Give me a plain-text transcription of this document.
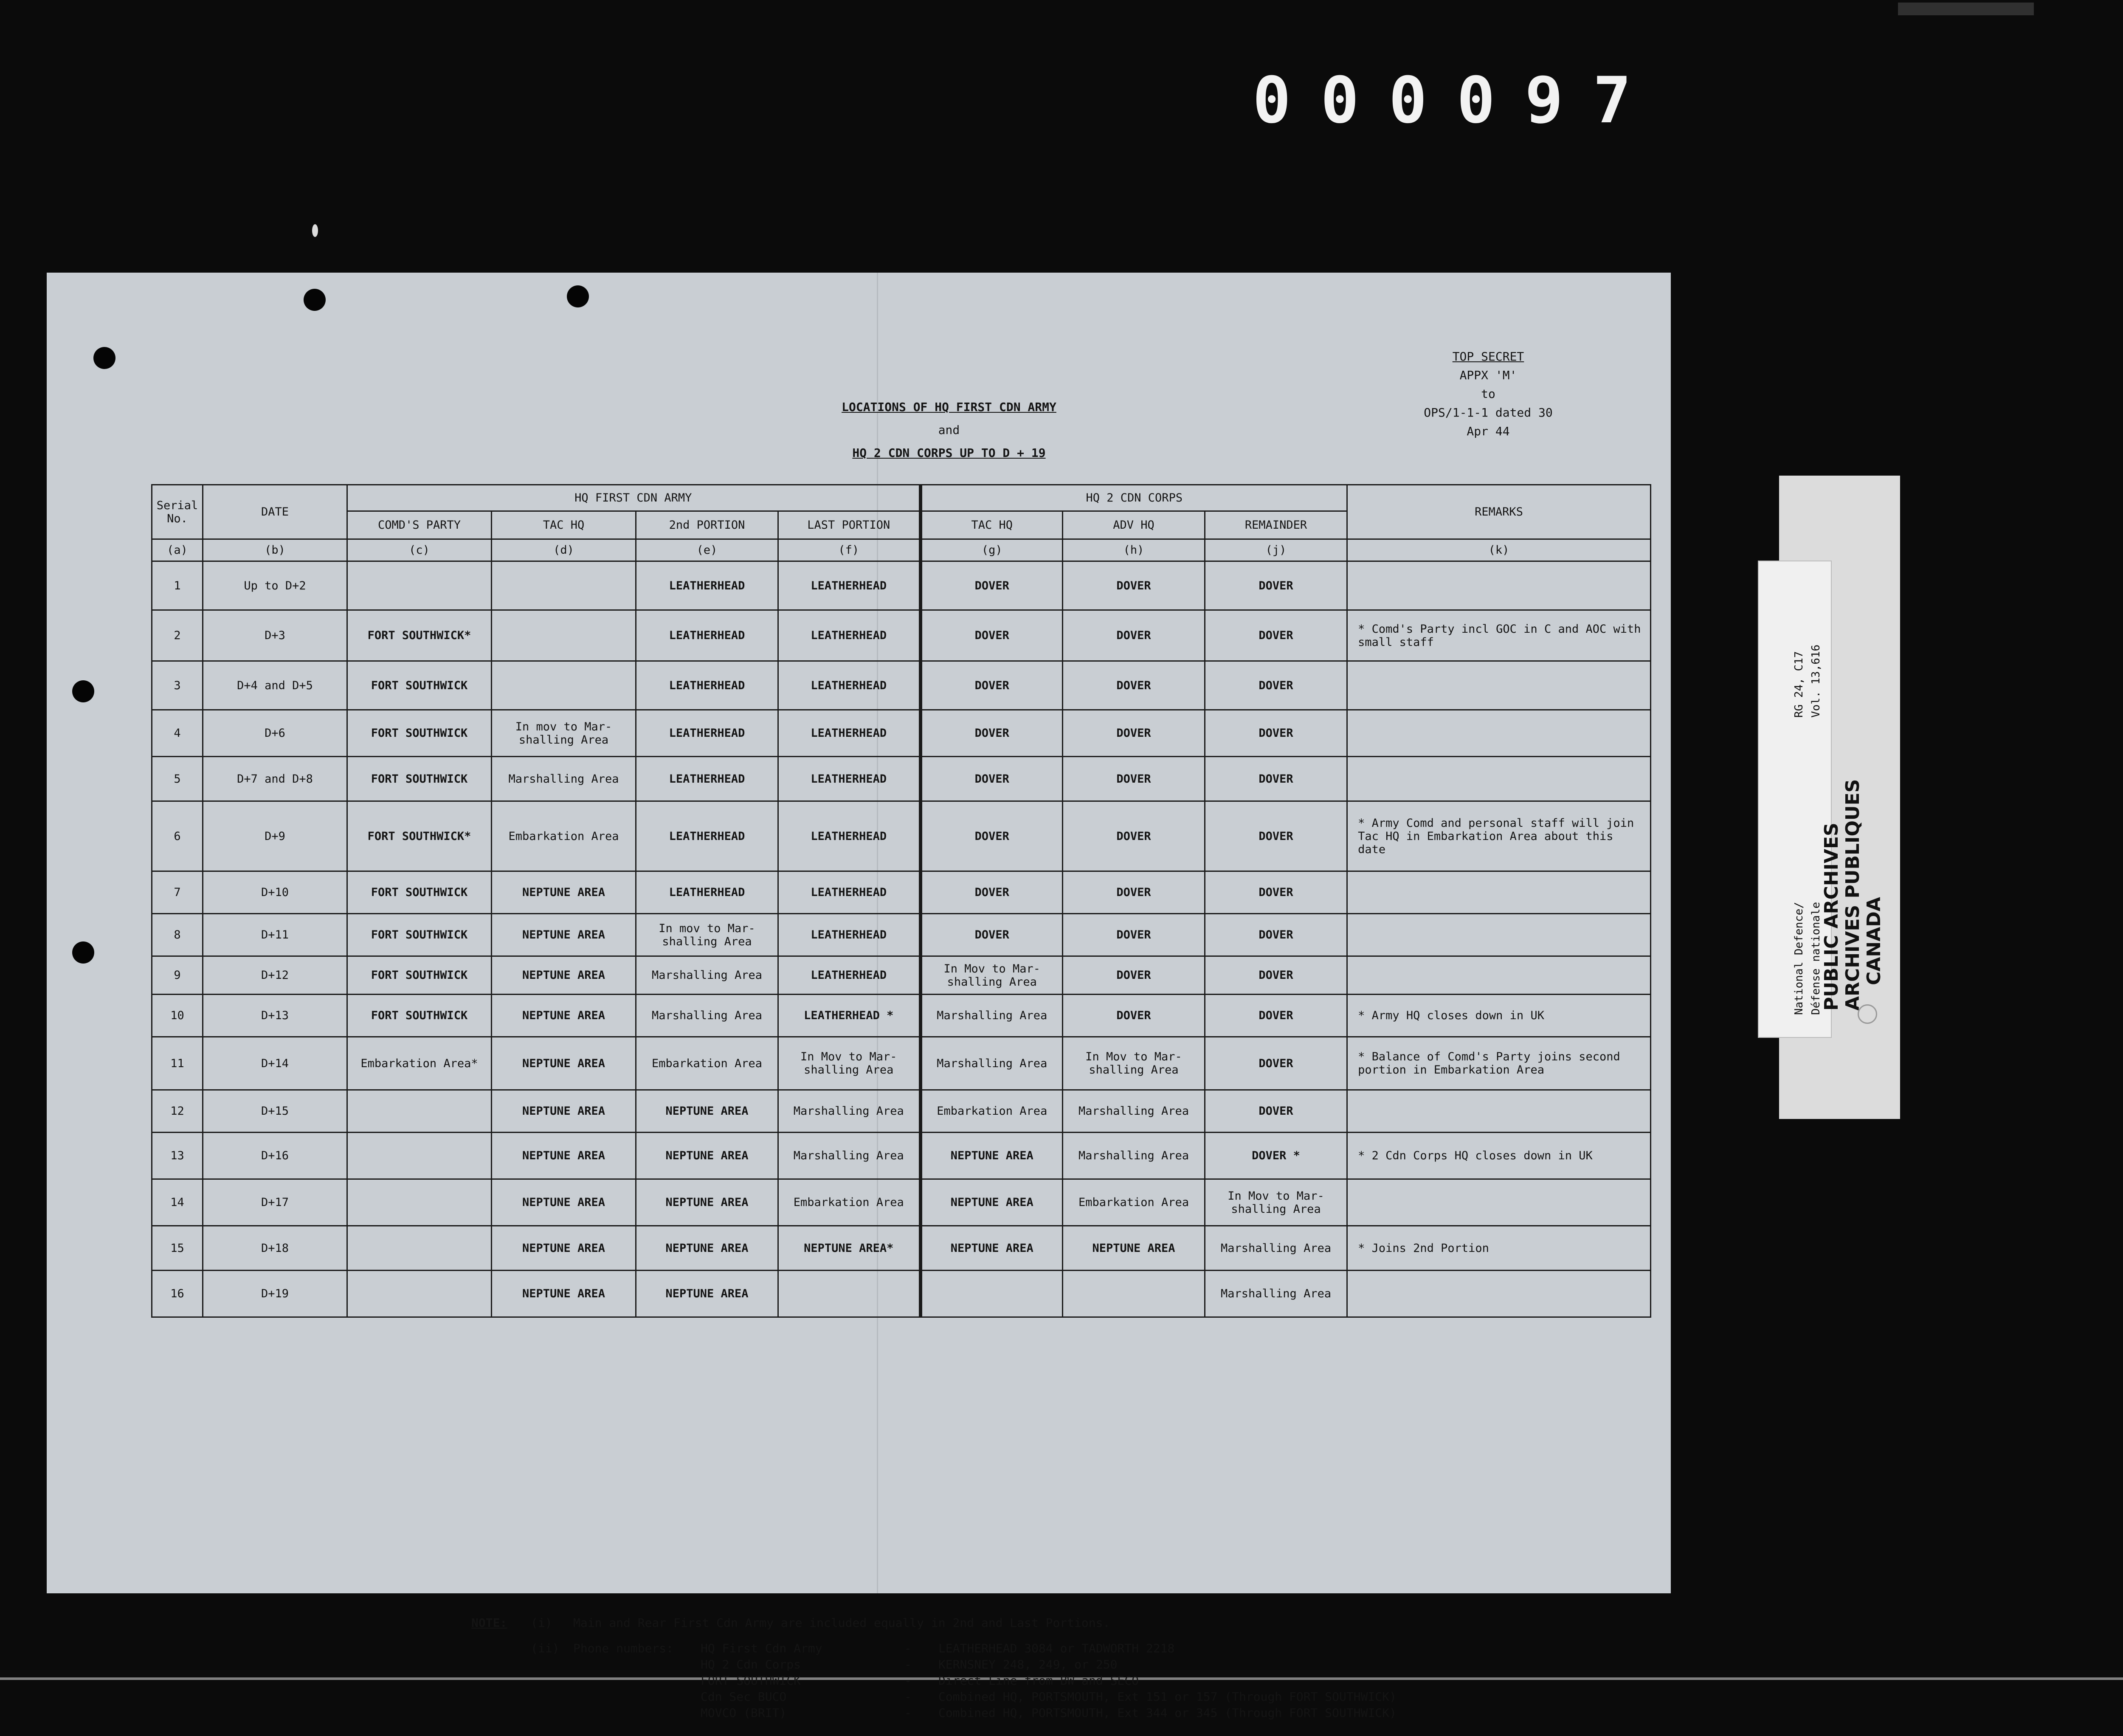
000097
TOP SECRET
APPX 'M'
to
OPS/1-1-1 dated 30 Apr 44
LOCATIONS OF HQ FIRST CDN ARMY
and
HQ 2 CDN CORPS UP TO D + 19
Serial No.	DATE	HQ FIRST CDN ARMY				HQ 2 CDN CORPS			REMARKS
		COMD'S PARTY	TAC HQ	2nd PORTION	LAST PORTION	TAC HQ	ADV HQ	REMAINDER	
(a)	(b)	(c)	(d)	(e)	(f)	(g)	(h)	(j)	(k)
1	Up to D+2			LEATHERHEAD	LEATHERHEAD	DOVER	DOVER	DOVER	
2	D+3	FORT SOUTHWICK*		LEATHERHEAD	LEATHERHEAD	DOVER	DOVER	DOVER	* Comd's Party incl GOC in C and AOC with small staff
3	D+4 and D+5	FORT SOUTHWICK		LEATHERHEAD	LEATHERHEAD	DOVER	DOVER	DOVER	
4	D+6	FORT SOUTHWICK	In mov to Mar-shalling Area	LEATHERHEAD	LEATHERHEAD	DOVER	DOVER	DOVER	
5	D+7 and D+8	FORT SOUTHWICK	Marshalling Area	LEATHERHEAD	LEATHERHEAD	DOVER	DOVER	DOVER	
6	D+9	FORT SOUTHWICK*	Embarkation Area	LEATHERHEAD	LEATHERHEAD	DOVER	DOVER	DOVER	* Army Comd and personal staff will join Tac HQ in Embarkation Area about this date
7	D+10	FORT SOUTHWICK	NEPTUNE AREA	LEATHERHEAD	LEATHERHEAD	DOVER	DOVER	DOVER	
8	D+11	FORT SOUTHWICK	NEPTUNE AREA	In mov to Mar-shalling Area	LEATHERHEAD	DOVER	DOVER	DOVER	
9	D+12	FORT SOUTHWICK	NEPTUNE AREA	Marshalling Area	LEATHERHEAD	In Mov to Mar-shalling Area	DOVER	DOVER	
10	D+13	FORT SOUTHWICK	NEPTUNE AREA	Marshalling Area	LEATHERHEAD *	Marshalling Area	DOVER	DOVER	* Army HQ closes down in UK
11	D+14	Embarkation Area*	NEPTUNE AREA	Embarkation Area	In Mov to Mar-shalling Area	Marshalling Area	In Mov to Mar-shalling Area	DOVER	* Balance of Comd's Party joins second portion in Embarkation Area
12	D+15		NEPTUNE AREA	NEPTUNE AREA	Marshalling Area	Embarkation Area	Marshalling Area	DOVER	
13	D+16		NEPTUNE AREA	NEPTUNE AREA	Marshalling Area	NEPTUNE AREA	Marshalling Area	DOVER *	* 2 Cdn Corps HQ closes down in UK
14	D+17		NEPTUNE AREA	NEPTUNE AREA	Embarkation Area	NEPTUNE AREA	Embarkation Area	In Mov to Mar-shalling Area	
15	D+18		NEPTUNE AREA	NEPTUNE AREA	NEPTUNE AREA*	NEPTUNE AREA	NEPTUNE AREA	Marshalling Area	* Joins 2nd Portion
16	D+19		NEPTUNE AREA	NEPTUNE AREA				Marshalling Area	
NOTE: (i) Main and Rear First Cdn Army are included equally in 2nd and Last Portions.
(ii) Phone numbers: HQ First Cdn Army	- LEATHERHEAD 3084 or TADWORTH 2218
HQ 2 Cdn Corps	- KERNSNEY 248, 249, or 250
FORT SOUTHWICK	- Direct Line from BW and SECO
Cdn Sec BUCO	- Combined HQ, PORTSMOUTH, Ext 151 or 157 (Through FORT SOUTHWICK)
MOVCO (BRIT)	- Combined HQ, PORTSMOUTH, Ext 344 or 345 (Through FORT SOUTHWICK)
PUBLIC ARCHIVES ARCHIVES PUBLIQUES CANADA
RG 24, C17 Vol. 13,616
National Defence/ Défense nationale
